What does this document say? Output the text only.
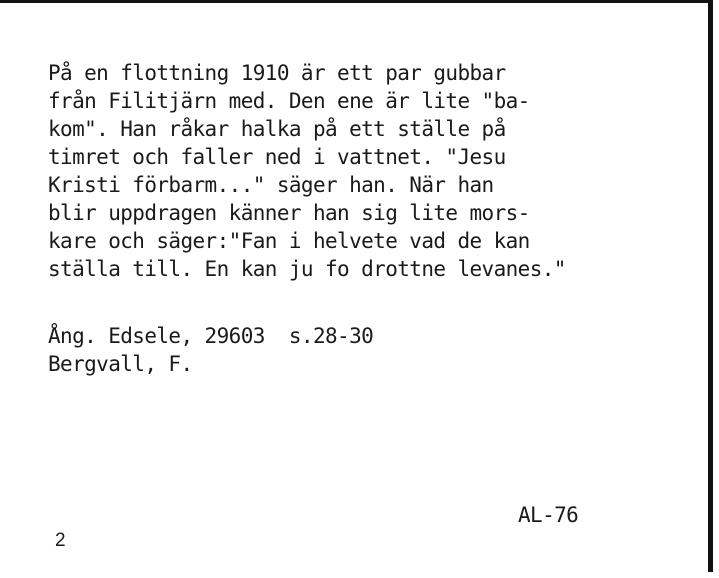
På en flottning 1910 är ett par gubbar
från Filitjärn med. Den ene är lite "ba-
kom". Han råkar halka på ett ställe på
timret och faller ned i vattnet. "Jesu
Kristi förbarm..." säger han. När han
blir uppdragen känner han sig lite mors-
kare och säger:"Fan i helvete vad de kan
ställa till. En kan ju fo drottne levanes."
Ång. Edsele, 29603  s.28-30
Bergvall, F.
AL-76
2
